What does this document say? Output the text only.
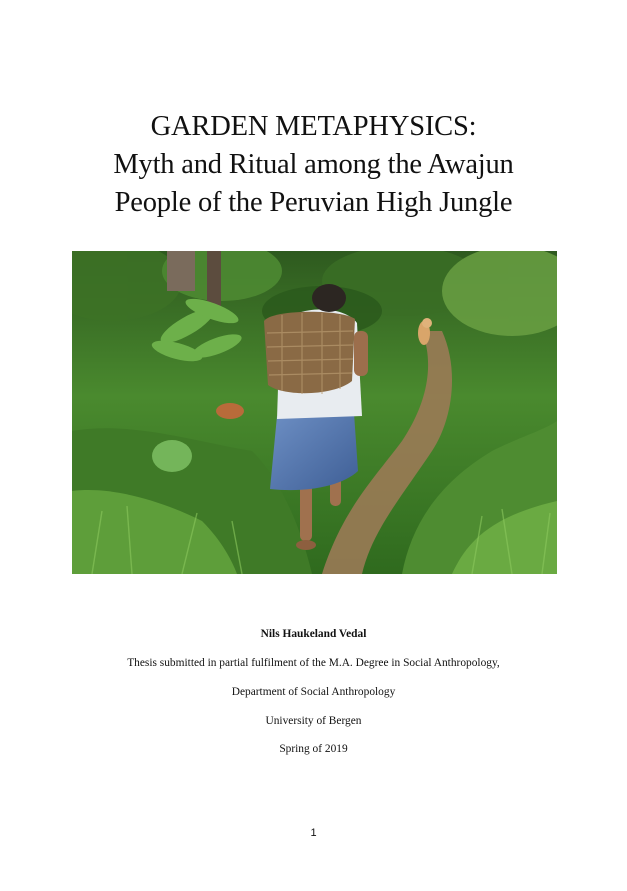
GARDEN METAPHYSICS:
Myth and Ritual among the Awajun
People of the Peruvian High Jungle
Nils Haukeland Vedal
Thesis submitted in partial fulfilment of the M.A. Degree in Social Anthropology,
Department of Social Anthropology
University of Bergen
Spring of 2019
1
